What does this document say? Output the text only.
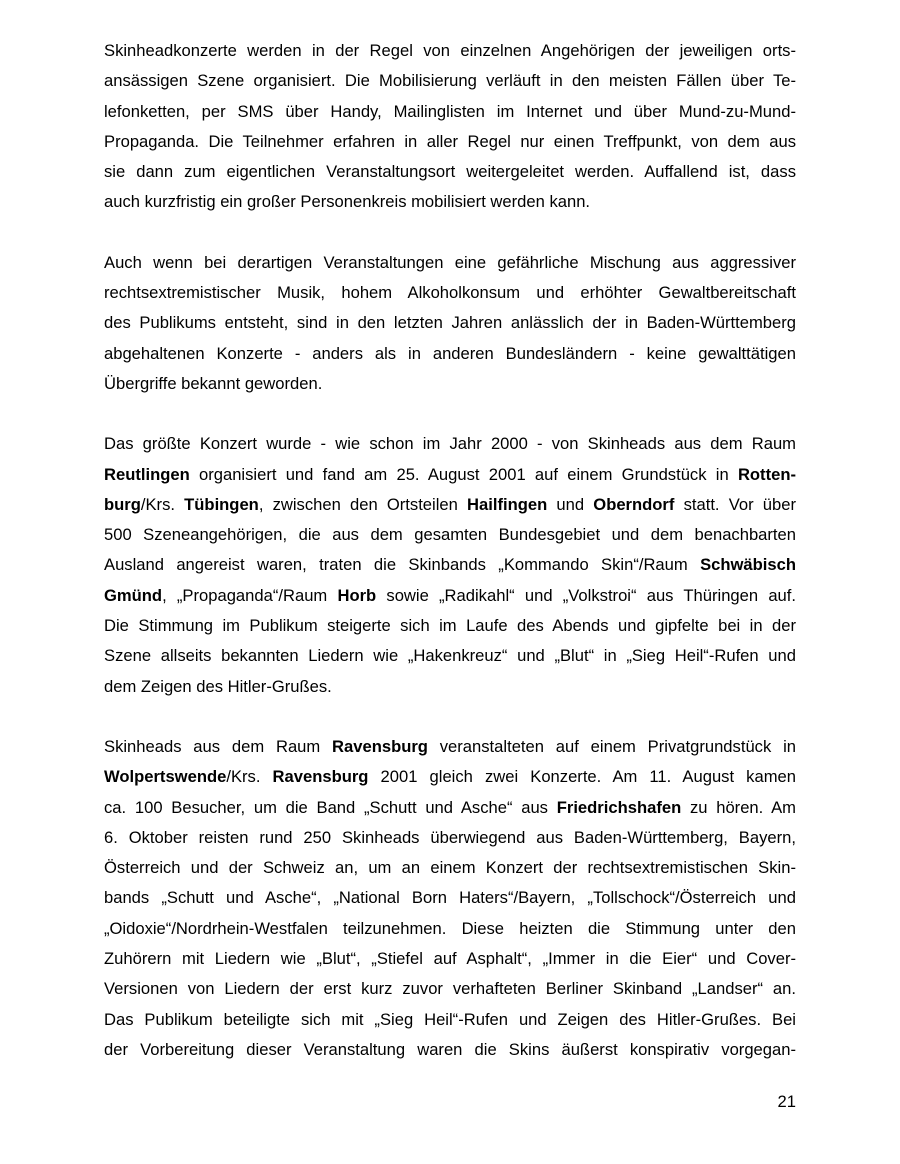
Skinheadkonzerte werden in der Regel von einzelnen Angehörigen der jeweiligen orts-
ansässigen Szene organisiert. Die Mobilisierung verläuft in den meisten Fällen über Te-
lefonketten, per SMS über Handy, Mailinglisten im Internet und über Mund-zu-Mund-
Propaganda. Die Teilnehmer erfahren in aller Regel nur einen Treffpunkt, von dem aus
sie dann zum eigentlichen Veranstaltungsort weitergeleitet werden. Auffallend ist, dass
auch kurzfristig ein großer Personenkreis mobilisiert werden kann.
Auch wenn bei derartigen Veranstaltungen eine gefährliche Mischung aus aggressiver
rechtsextremistischer Musik, hohem Alkoholkonsum und erhöhter Gewaltbereitschaft
des Publikums entsteht, sind in den letzten Jahren anlässlich der in Baden-Württemberg
abgehaltenen Konzerte - anders als in anderen Bundesländern - keine gewalttätigen
Übergriffe bekannt geworden.
Das größte Konzert wurde - wie schon im Jahr 2000 - von Skinheads aus dem Raum
Reutlingen organisiert und fand am 25. August 2001 auf einem Grundstück in Rotten-
burg/Krs. Tübingen, zwischen den Ortsteilen Hailfingen und Oberndorf statt. Vor über
500 Szeneangehörigen, die aus dem gesamten Bundesgebiet und dem benachbarten
Ausland angereist waren, traten die Skinbands „Kommando Skin“/Raum Schwäbisch
Gmünd, „Propaganda“/Raum Horb sowie „Radikahl“ und „Volkstroi“ aus Thüringen auf.
Die Stimmung im Publikum steigerte sich im Laufe des Abends und gipfelte bei in der
Szene allseits bekannten Liedern wie „Hakenkreuz“ und „Blut“ in „Sieg Heil“-Rufen und
dem Zeigen des Hitler-Grußes.
Skinheads aus dem Raum Ravensburg veranstalteten auf einem Privatgrundstück in
Wolpertswende/Krs. Ravensburg 2001 gleich zwei Konzerte. Am 11. August kamen
ca. 100 Besucher, um die Band „Schutt und Asche“ aus Friedrichshafen zu hören. Am
6. Oktober reisten rund 250 Skinheads überwiegend aus Baden-Württemberg, Bayern,
Österreich und der Schweiz an, um an einem Konzert der rechtsextremistischen Skin-
bands „Schutt und Asche“, „National Born Haters“/Bayern, „Tollschock“/Österreich und
„Oidoxie“/Nordrhein-Westfalen teilzunehmen. Diese heizten die Stimmung unter den
Zuhörern mit Liedern wie „Blut“, „Stiefel auf Asphalt“, „Immer in die Eier“ und Cover-
Versionen von Liedern der erst kurz zuvor verhafteten Berliner Skinband „Landser“ an.
Das Publikum beteiligte sich mit „Sieg Heil“-Rufen und Zeigen des Hitler-Grußes. Bei
der Vorbereitung dieser Veranstaltung waren die Skins äußerst konspirativ vorgegan-
21
